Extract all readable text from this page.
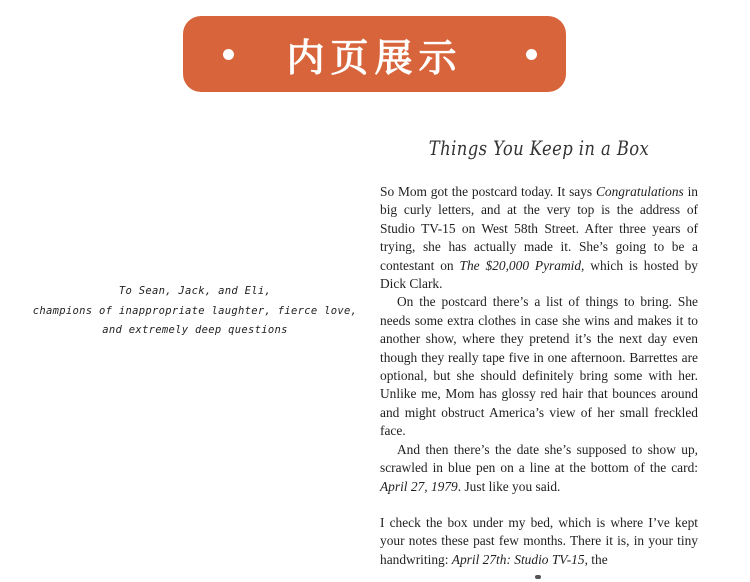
内页展示
To Sean, Jack, and Eli,
champions of inappropriate laughter, fierce love,
and extremely deep questions
Things You Keep in a Box

So Mom got the postcard today. It says Congratulations in big curly letters, and at the very top is the address of Studio TV-15 on West 58th Street. After three years of trying, she has actually made it. She’s going to be a contestant on The $20,000 Pyramid, which is hosted by Dick Clark.

On the postcard there’s a list of things to bring. She needs some extra clothes in case she wins and makes it to another show, where they pretend it’s the next day even though they really tape five in one afternoon. Barrettes are optional, but she should definitely bring some with her. Unlike me, Mom has glossy red hair that bounces around and might obstruct America’s view of her small freckled face.

And then there’s the date she’s supposed to show up, scrawled in blue pen on a line at the bottom of the card: April 27, 1979. Just like you said.

I check the box under my bed, which is where I’ve kept your notes these past few months. There it is, in your tiny handwriting: April 27th: Studio TV-15, the
